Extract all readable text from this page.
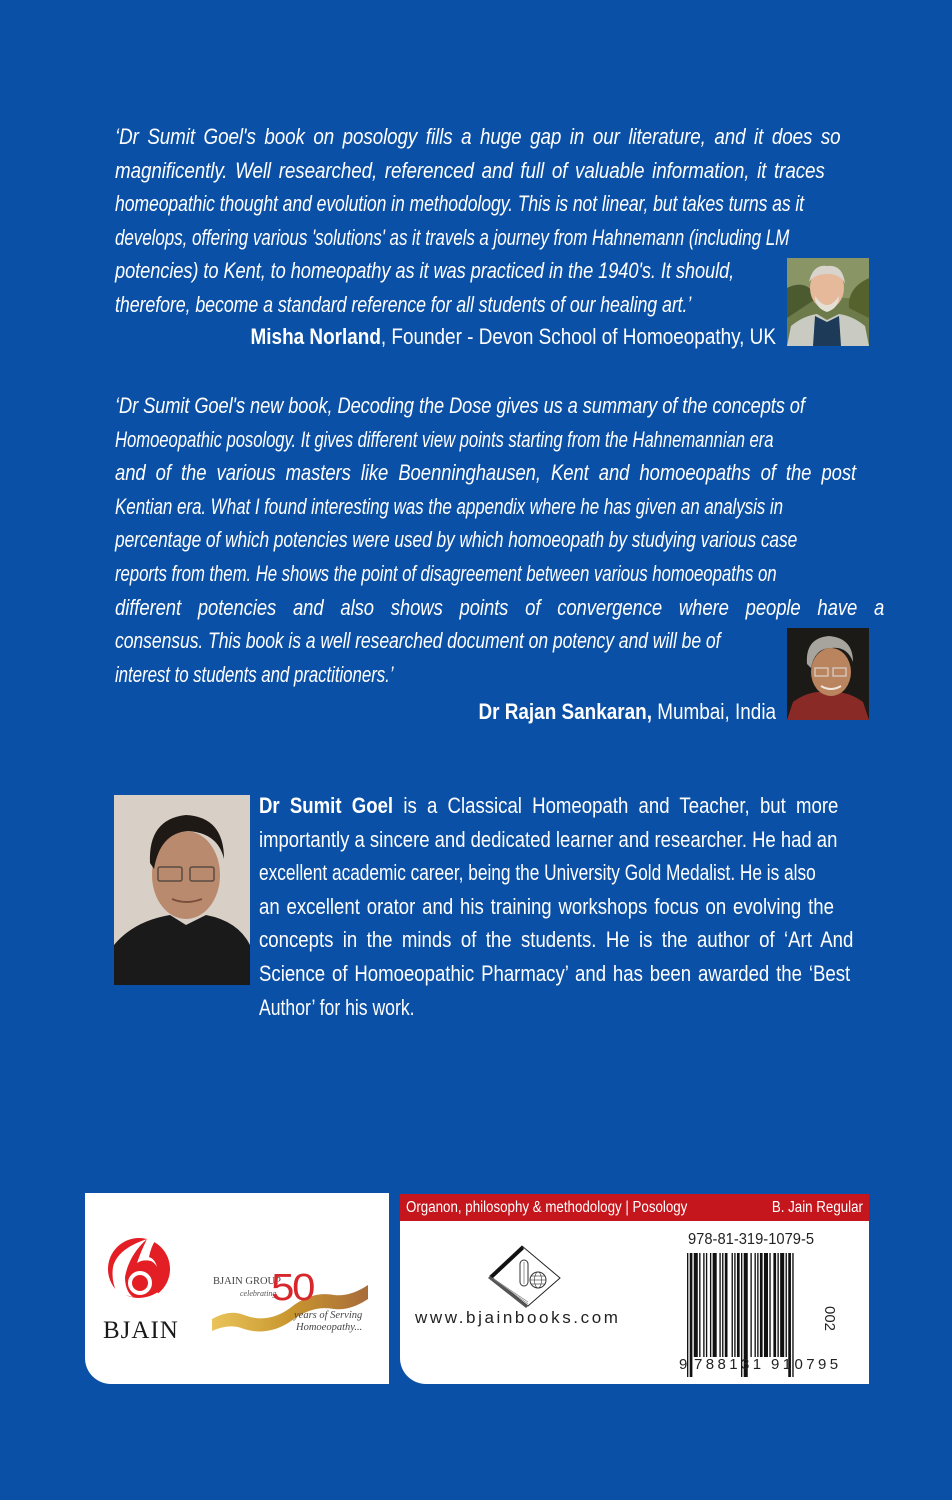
‘Dr Sumit Goel's book on posology fills a huge gap in our literature, and it does so
magnificently. Well researched, referenced and full of valuable information, it traces
homeopathic thought and evolution in methodology. This is not linear, but takes turns as it
develops, offering various 'solutions' as it travels a journey from Hahnemann (including LM
potencies) to Kent, to homeopathy as it was practiced in the 1940's. It should,
therefore, become a standard reference for all students of our healing art.’
Misha Norland, Founder - Devon School of Homoeopathy, UK
‘Dr Sumit Goel's new book, Decoding the Dose gives us a summary of the concepts of
Homoeopathic posology. It gives different view points starting from the Hahnemannian era
and of the various masters like Boenninghausen, Kent and homoeopaths of the post
Kentian era. What I found interesting was the appendix where he has given an analysis in
percentage of which potencies were used by which homoeopath by studying various case
reports from them. He shows the point of disagreement between various homoeopaths on
different potencies and also shows points of convergence where people have a
consensus. This book is a well researched document on potency and will be of
interest to students and practitioners.’
Dr Rajan Sankaran, Mumbai, India
Dr Sumit Goel is a Classical Homeopath and Teacher, but more
importantly a sincere and dedicated learner and researcher. He had an
excellent academic career, being the University Gold Medalist. He is also
an excellent orator and his training workshops focus on evolving the
concepts in the minds of the students. He is the author of ‘Art And
Science of Homoeopathic Pharmacy’ and has been awarded the ‘Best
Author’ for his work.
BJAIN
BJAIN GROUP
celebrating
50
years of Serving
Homoeopathy...
Organon, philosophy & methodology | Posology	B. Jain Regular
www.bjainbooks.com
978-81-319-1079-5
9 788131 910795
002
